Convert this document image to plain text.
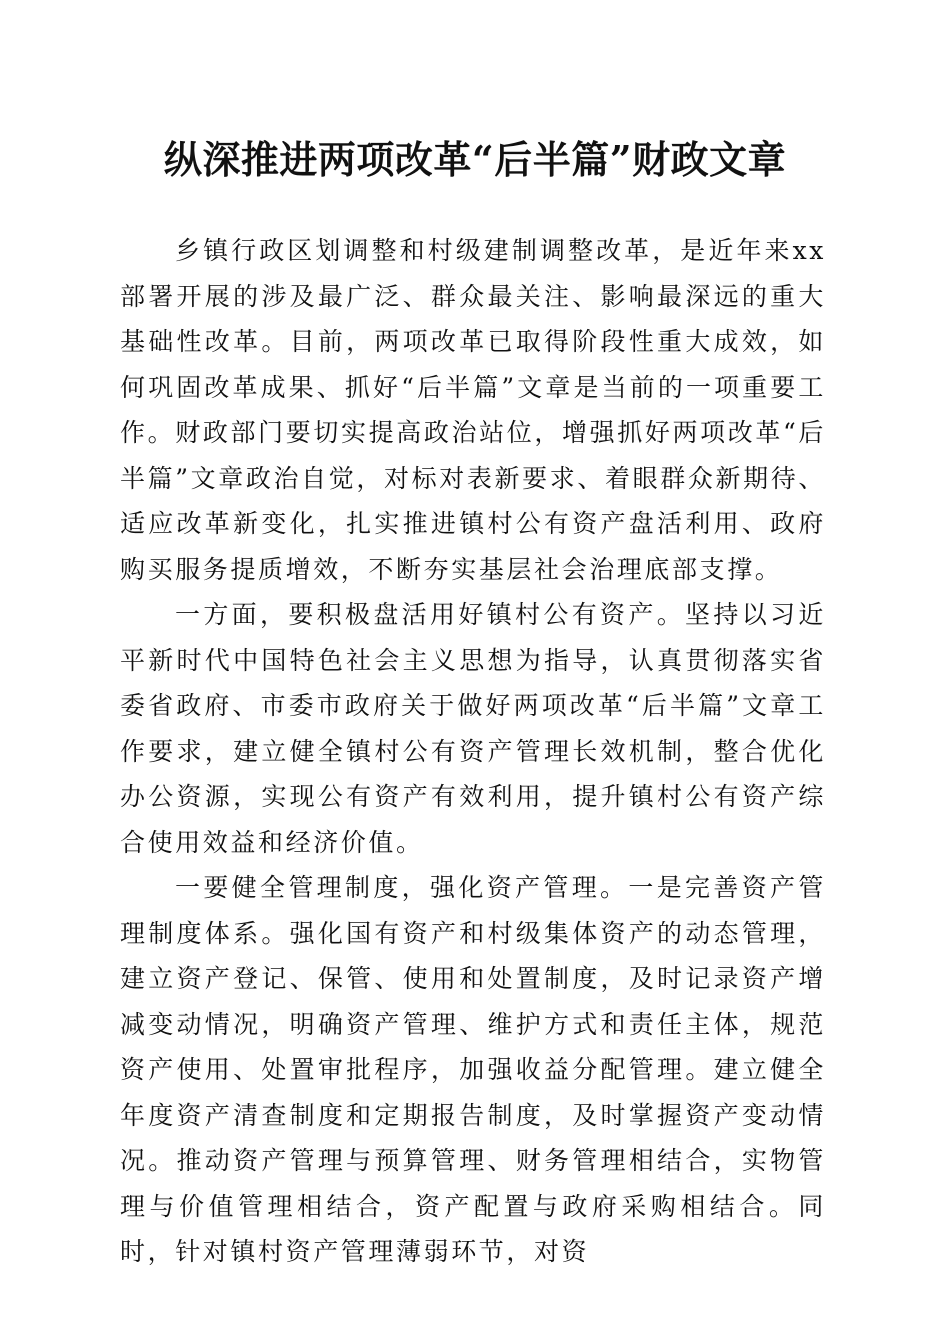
纵深推进两项改革“后半篇”财政文章

乡镇行政区划调整和村级建制调整改革，是近年来xx部署开展的涉及最广泛、群众最关注、影响最深远的重大基础性改革。目前，两项改革已取得阶段性重大成效，如何巩固改革成果、抓好“后半篇”文章是当前的一项重要工作。财政部门要切实提高政治站位，增强抓好两项改革“后半篇”文章政治自觉，对标对表新要求、着眼群众新期待、适应改革新变化，扎实推进镇村公有资产盘活利用、政府购买服务提质增效，不断夯实基层社会治理底部支撑。

一方面，要积极盘活用好镇村公有资产。坚持以习近平新时代中国特色社会主义思想为指导，认真贯彻落实省委省政府、市委市政府关于做好两项改革“后半篇”文章工作要求，建立健全镇村公有资产管理长效机制，整合优化办公资源，实现公有资产有效利用，提升镇村公有资产综合使用效益和经济价值。

一要健全管理制度，强化资产管理。一是完善资产管理制度体系。强化国有资产和村级集体资产的动态管理，建立资产登记、保管、使用和处置制度，及时记录资产增减变动情况，明确资产管理、维护方式和责任主体，规范资产使用、处置审批程序，加强收益分配管理。建立健全年度资产清查制度和定期报告制度，及时掌握资产变动情况。推动资产管理与预算管理、财务管理相结合，实物管理与价值管理相结合，资产配置与政府采购相结合。同时，针对镇村资产管理薄弱环节，对资
